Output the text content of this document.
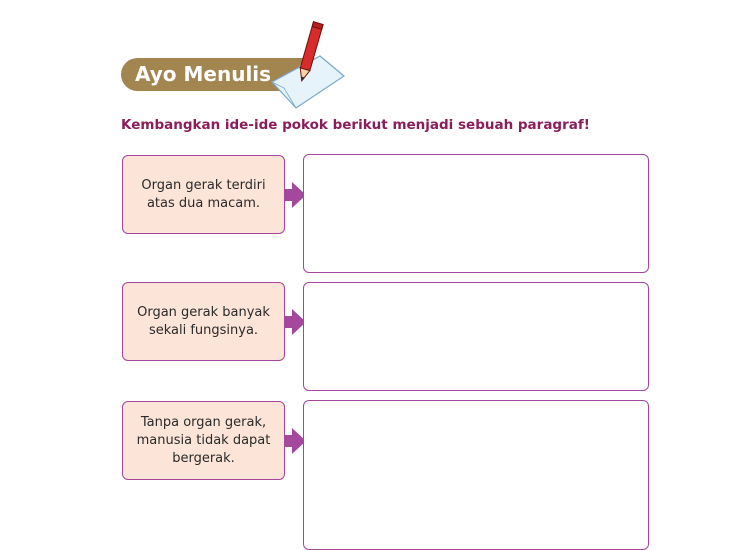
Ayo Menulis
Kembangkan ide-ide pokok berikut menjadi sebuah paragraf!
Organ gerak terdiri
atas dua macam.
Organ gerak banyak
sekali fungsinya.
Tanpa organ gerak,
manusia tidak dapat
bergerak.
